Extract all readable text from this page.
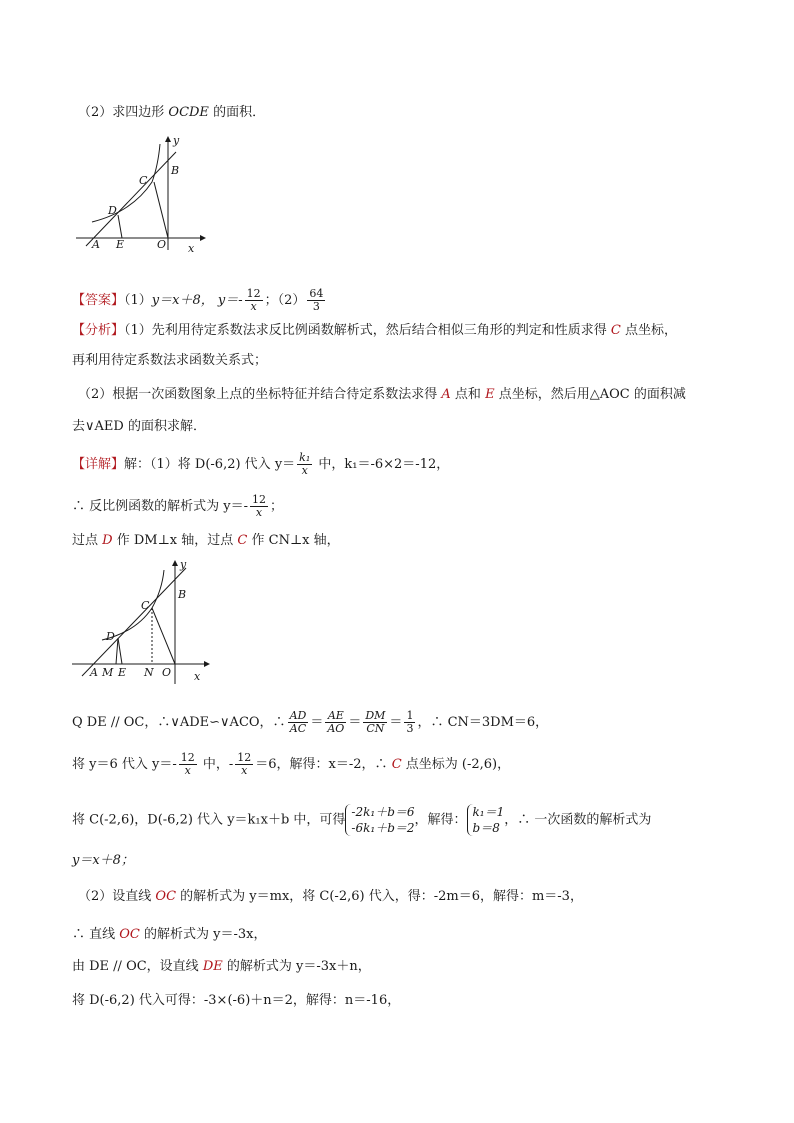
（2）求四边形 OCDE 的面积．
y
B
C
D
A E	O x
【答案】（1）y＝x＋8， $y=- \frac{12}{x}$ ；$(2) \frac{64}{3}$
【分析】（1）先利用待定系数法求反比例函数解析式，然后结合相似三角形的判定和性质求得 C 点坐标，
再利用待定系数法求函数关系式；
（2）根据一次函数图象上点的坐标特征并结合待定系数法求得 A 点和 E 点坐标，然后用△AOC 的面积减
去∨AED 的面积求解．
【详解】解：（1）将 D(-6,2) 代入 $y= \frac{\text{k₁}}{x}$ 中，k₁＝-6×2＝-12，
∴ 反比例函数的解析式为 $y=- \frac{12}{x}$ ；
过点 D 作 DM⊥x 轴，过点 C 作 CN⊥x 轴，
y
B
C
D
A M E N O x
Q DE // OC，∴∨ADE∽∨ACO，∴ $\frac{AD}{AC} = \frac{AE}{AO} = \frac{DM}{CN} = \frac{1}{3}$ ，∴ CN＝3DM＝6，
将 y＝6 代入 $y=- \frac{12}{x}$ 中，- $\frac{12}{x} =6$，解得：x＝-2，∴ C 点坐标为 (-2,6)，
将 C(-2,6)，D(-6,2) 代入 y＝k₁x＋b 中，可得
-2k₁＋b＝6
-6k₁＋b＝2
，解得：
k₁＝1
b＝8
，∴ 一次函数的解析式为
y＝x＋8；
（2）设直线 OC 的解析式为 y＝mx，将 C(-2,6) 代入，得：-2m＝6，解得：m＝-3，
∴ 直线 OC 的解析式为 y＝-3x，
由 DE // OC，设直线 DE 的解析式为 y＝-3x＋n，
将 D(-6,2) 代入可得：-3×(-6)＋n＝2，解得：n＝-16，
